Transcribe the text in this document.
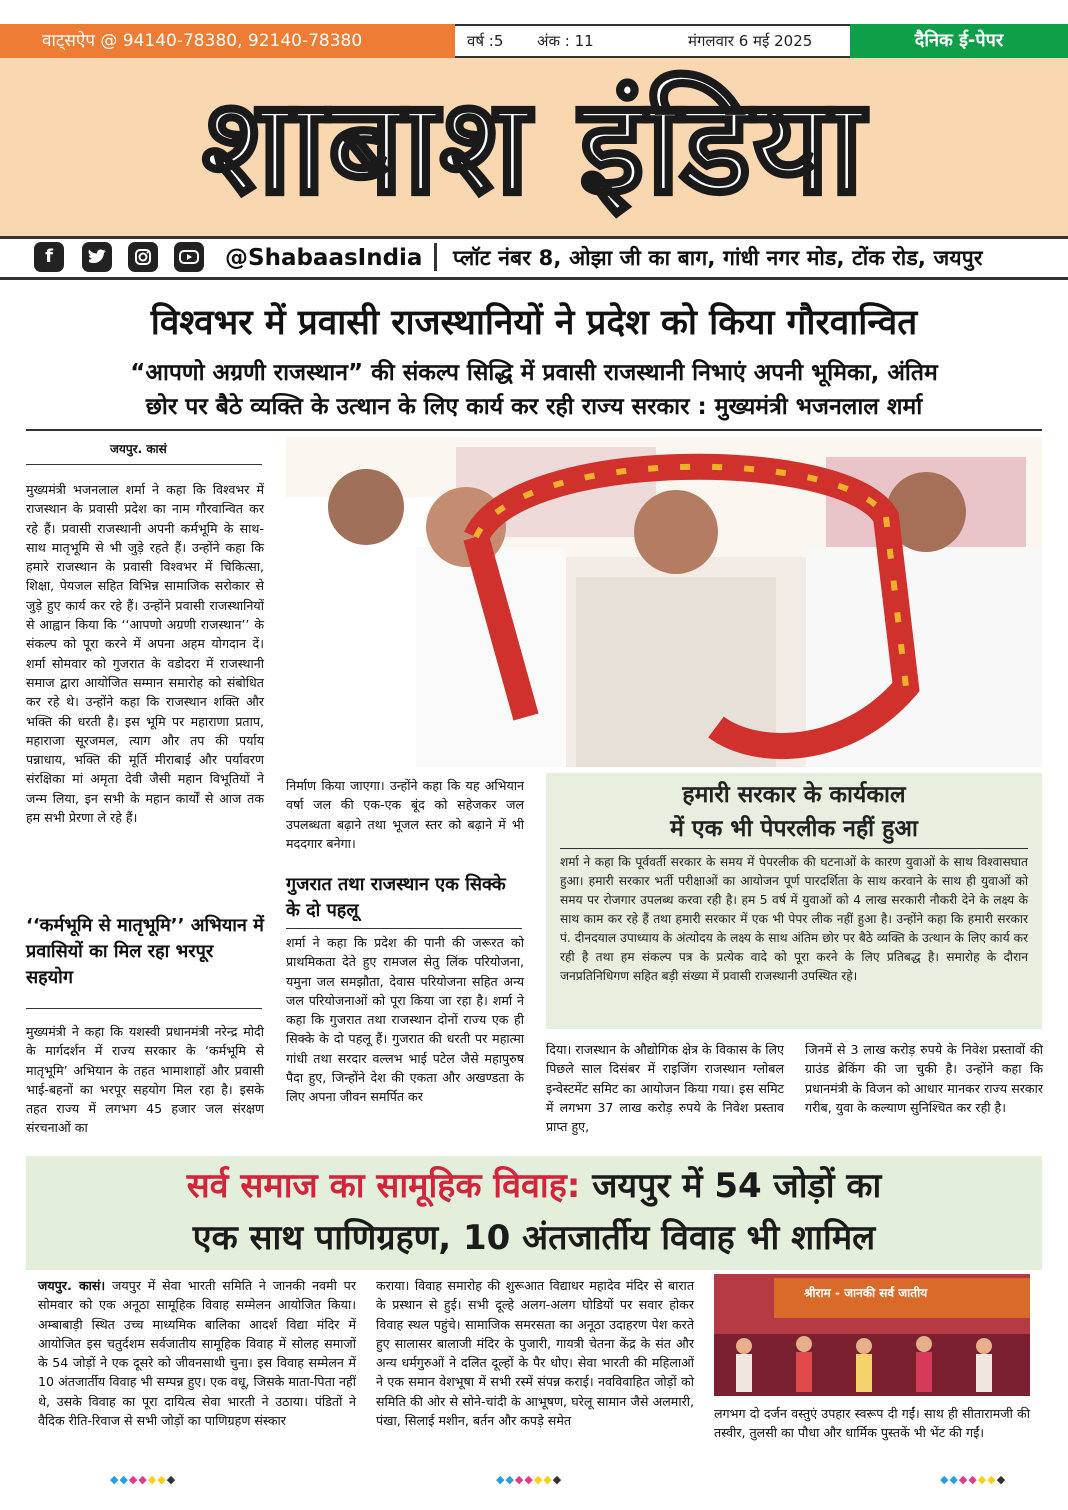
वाट्सऐप @ 94140-78380, 92140-78380	वर्ष :5 अंक : 11	मंगलवार 6 मई 2025	दैनिक ई-पेपर
शाबाश इंडिया
f	@ShabaasIndia प्लॉट नंबर 8, ओझा जी का बाग, गांधी नगर मोड, टोंक रोड, जयपुर
विश्वभर में प्रवासी राजस्थानियों ने प्रदेश को किया गौरवान्वित
“आपणो अग्रणी राजस्थान” की संकल्प सिद्धि में प्रवासी राजस्थानी निभाएं अपनी भूमिका, अंतिम
छोर पर बैठे व्यक्ति के उत्थान के लिए कार्य कर रही राज्य सरकार : मुख्यमंत्री भजनलाल शर्मा
जयपुर. कासं
मुख्यमंत्री भजनलाल शर्मा ने कहा कि विश्वभर में राजस्थान के प्रवासी प्रदेश का नाम गौरवान्वित कर रहे हैं। प्रवासी राजस्थानी अपनी कर्मभूमि के साथ-साथ मातृभूमि से भी जुड़े रहते हैं। उन्होंने कहा कि हमारे राजस्थान के प्रवासी विश्वभर में चिकित्सा, शिक्षा, पेयजल सहित विभिन्न सामाजिक सरोकार से जुड़े हुए कार्य कर रहे हैं। उन्होंने प्रवासी राजस्थानियों से आह्वान किया कि ‘‘आपणो अग्रणी राजस्थान’’ के संकल्प को पूरा करने में अपना अहम योगदान दें। शर्मा सोमवार को गुजरात के वडोदरा में राजस्थानी समाज द्वारा आयोजित सम्मान समारोह को संबोधित कर रहे थे। उन्होंने कहा कि राजस्थान शक्ति और भक्ति की धरती है। इस भूमि पर महाराणा प्रताप, महाराजा सूरजमल, त्याग और तप की पर्याय पन्नाधाय, भक्ति की मूर्ति मीराबाई और पर्यावरण संरक्षिका मां अमृता देवी जैसी महान विभूतियों ने जन्म लिया, इन सभी के महान कार्यों से आज तक हम सभी प्रेरणा ले रहे हैं।
‘‘कर्मभूमि से मातृभूमि’’ अभियान में प्रवासियों का मिल रहा भरपूर सहयोग
मुख्यमंत्री ने कहा कि यशस्वी प्रधानमंत्री नरेन्द्र मोदी के मार्गदर्शन में राज्य सरकार के ‘कर्मभूमि से मातृभूमि’ अभियान के तहत भामाशाहों और प्रवासी भाई-बहनों का भरपूर सहयोग मिल रहा है। इसके तहत राज्य में लगभग 45 हजार जल संरक्षण संरचनाओं का
निर्माण किया जाएगा। उन्होंने कहा कि यह अभियान वर्षा जल की एक-एक बूंद को सहेजकर जल उपलब्धता बढ़ाने तथा भूजल स्तर को बढ़ाने में भी मददगार बनेगा।
गुजरात तथा राजस्थान एक सिक्के के दो पहलू
शर्मा ने कहा कि प्रदेश की पानी की जरूरत को प्राथमिकता देते हुए रामजल सेतु लिंक परियोजना, यमुना जल समझौता, देवास परियोजना सहित अन्य जल परियोजनाओं को पूरा किया जा रहा है। शर्मा ने कहा कि गुजरात तथा राजस्थान दोनों राज्य एक ही सिक्के के दो पहलू हैं। गुजरात की धरती पर महात्मा गांधी तथा सरदार वल्लभ भाई पटेल जैसे महापुरुष पैदा हुए, जिन्होंने देश की एकता और अखण्डता के लिए अपना जीवन समर्पित कर
हमारी सरकार के कार्यकाल
में एक भी पेपरलीक नहीं हुआ
शर्मा ने कहा कि पूर्ववर्ती सरकार के समय में पेपरलीक की घटनाओं के कारण युवाओं के साथ विश्वासघात हुआ। हमारी सरकार भर्ती परीक्षाओं का आयोजन पूर्ण पारदर्शिता के साथ करवाने के साथ ही युवाओं को समय पर रोजगार उपलब्ध करवा रही है। हम 5 वर्ष में युवाओं को 4 लाख सरकारी नौकरी देने के लक्ष्य के साथ काम कर रहे हैं तथा हमारी सरकार में एक भी पेपर लीक नहीं हुआ है। उन्होंने कहा कि हमारी सरकार पं. दीनदयाल उपाध्याय के अंत्योदय के लक्ष्य के साथ अंतिम छोर पर बैठे व्यक्ति के उत्थान के लिए कार्य कर रही है तथा हम संकल्प पत्र के प्रत्येक वादे को पूरा करने के लिए प्रतिबद्ध है। समारोह के दौरान जनप्रतिनिधिगण सहित बड़ी संख्या में प्रवासी राजस्थानी उपस्थित रहे।
दिया। राजस्थान के औद्योगिक क्षेत्र के विकास के लिए पिछले साल दिसंबर में राइजिंग राजस्थान ग्लोबल इन्वेस्टमेंट समिट का आयोजन किया गया। इस समिट में लगभग 37 लाख करोड़ रुपये के निवेश प्रस्ताव प्राप्त हुए,
जिनमें से 3 लाख करोड़ रुपये के निवेश प्रस्तावों की ग्राउंड ब्रेकिंग की जा चुकी है। उन्होंने कहा कि प्रधानमंत्री के विजन को आधार मानकर राज्य सरकार गरीब, युवा के कल्याण सुनिश्चित कर रही है।
सर्व समाज का सामूहिक विवाह: जयपुर में 54 जोड़ों का
एक साथ पाणिग्रहण, 10 अंतजार्तीय विवाह भी शामिल
जयपुर. कासं। जयपुर में सेवा भारती समिति ने जानकी नवमी पर सोमवार को एक अनूठा सामूहिक विवाह सम्मेलन आयोजित किया। अम्बाबाड़ी स्थित उच्च माध्यमिक बालिका आदर्श विद्या मंदिर में आयोजित इस चतुर्दशम सर्वजातीय सामूहिक विवाह में सोलह समाजों के 54 जोड़ों ने एक दूसरे को जीवनसाथी चुना। इस विवाह सम्मेलन में 10 अंतजार्तीय विवाह भी सम्पन्न हुए। एक वधू, जिसके माता-पिता नहीं थे, उसके विवाह का पूरा दायित्व सेवा भारती ने उठाया। पंडितों ने वैदिक रीति-रिवाज से सभी जोड़ों का पाणिग्रहण संस्कार
कराया। विवाह समारोह की शुरूआत विद्याधर महादेव मंदिर से बारात के प्रस्थान से हुई। सभी दूल्हे अलग-अलग घोडियों पर सवार होकर विवाह स्थल पहुंचे। सामाजिक समरसता का अनूठा उदाहरण पेश करते हुए सालासर बालाजी मंदिर के पुजारी, गायत्री चेतना केंद्र के संत और अन्य धर्मगुरुओं ने दलित दूल्हों के पैर धोए। सेवा भारती की महिलाओं ने एक समान वेशभूषा में सभी रस्में संपन्न कराई। नवविवाहित जोड़ों को समिति की ओर से सोने-चांदी के आभूषण, घरेलू सामान जैसे अलमारी, पंखा, सिलाई मशीन, बर्तन और कपड़े समेत
श्रीराम - जानकी सर्व जातीय
लगभग दो दर्जन वस्तुएं उपहार स्वरूप दी गईं। साथ ही सीतारामजी की तस्वीर, तुलसी का पौधा और धार्मिक पुस्तकें भी भेंट की गईं।
◆◆◆◆◆◆◆	◆◆◆◆◆◆◆	◆◆◆◆◆◆◆
